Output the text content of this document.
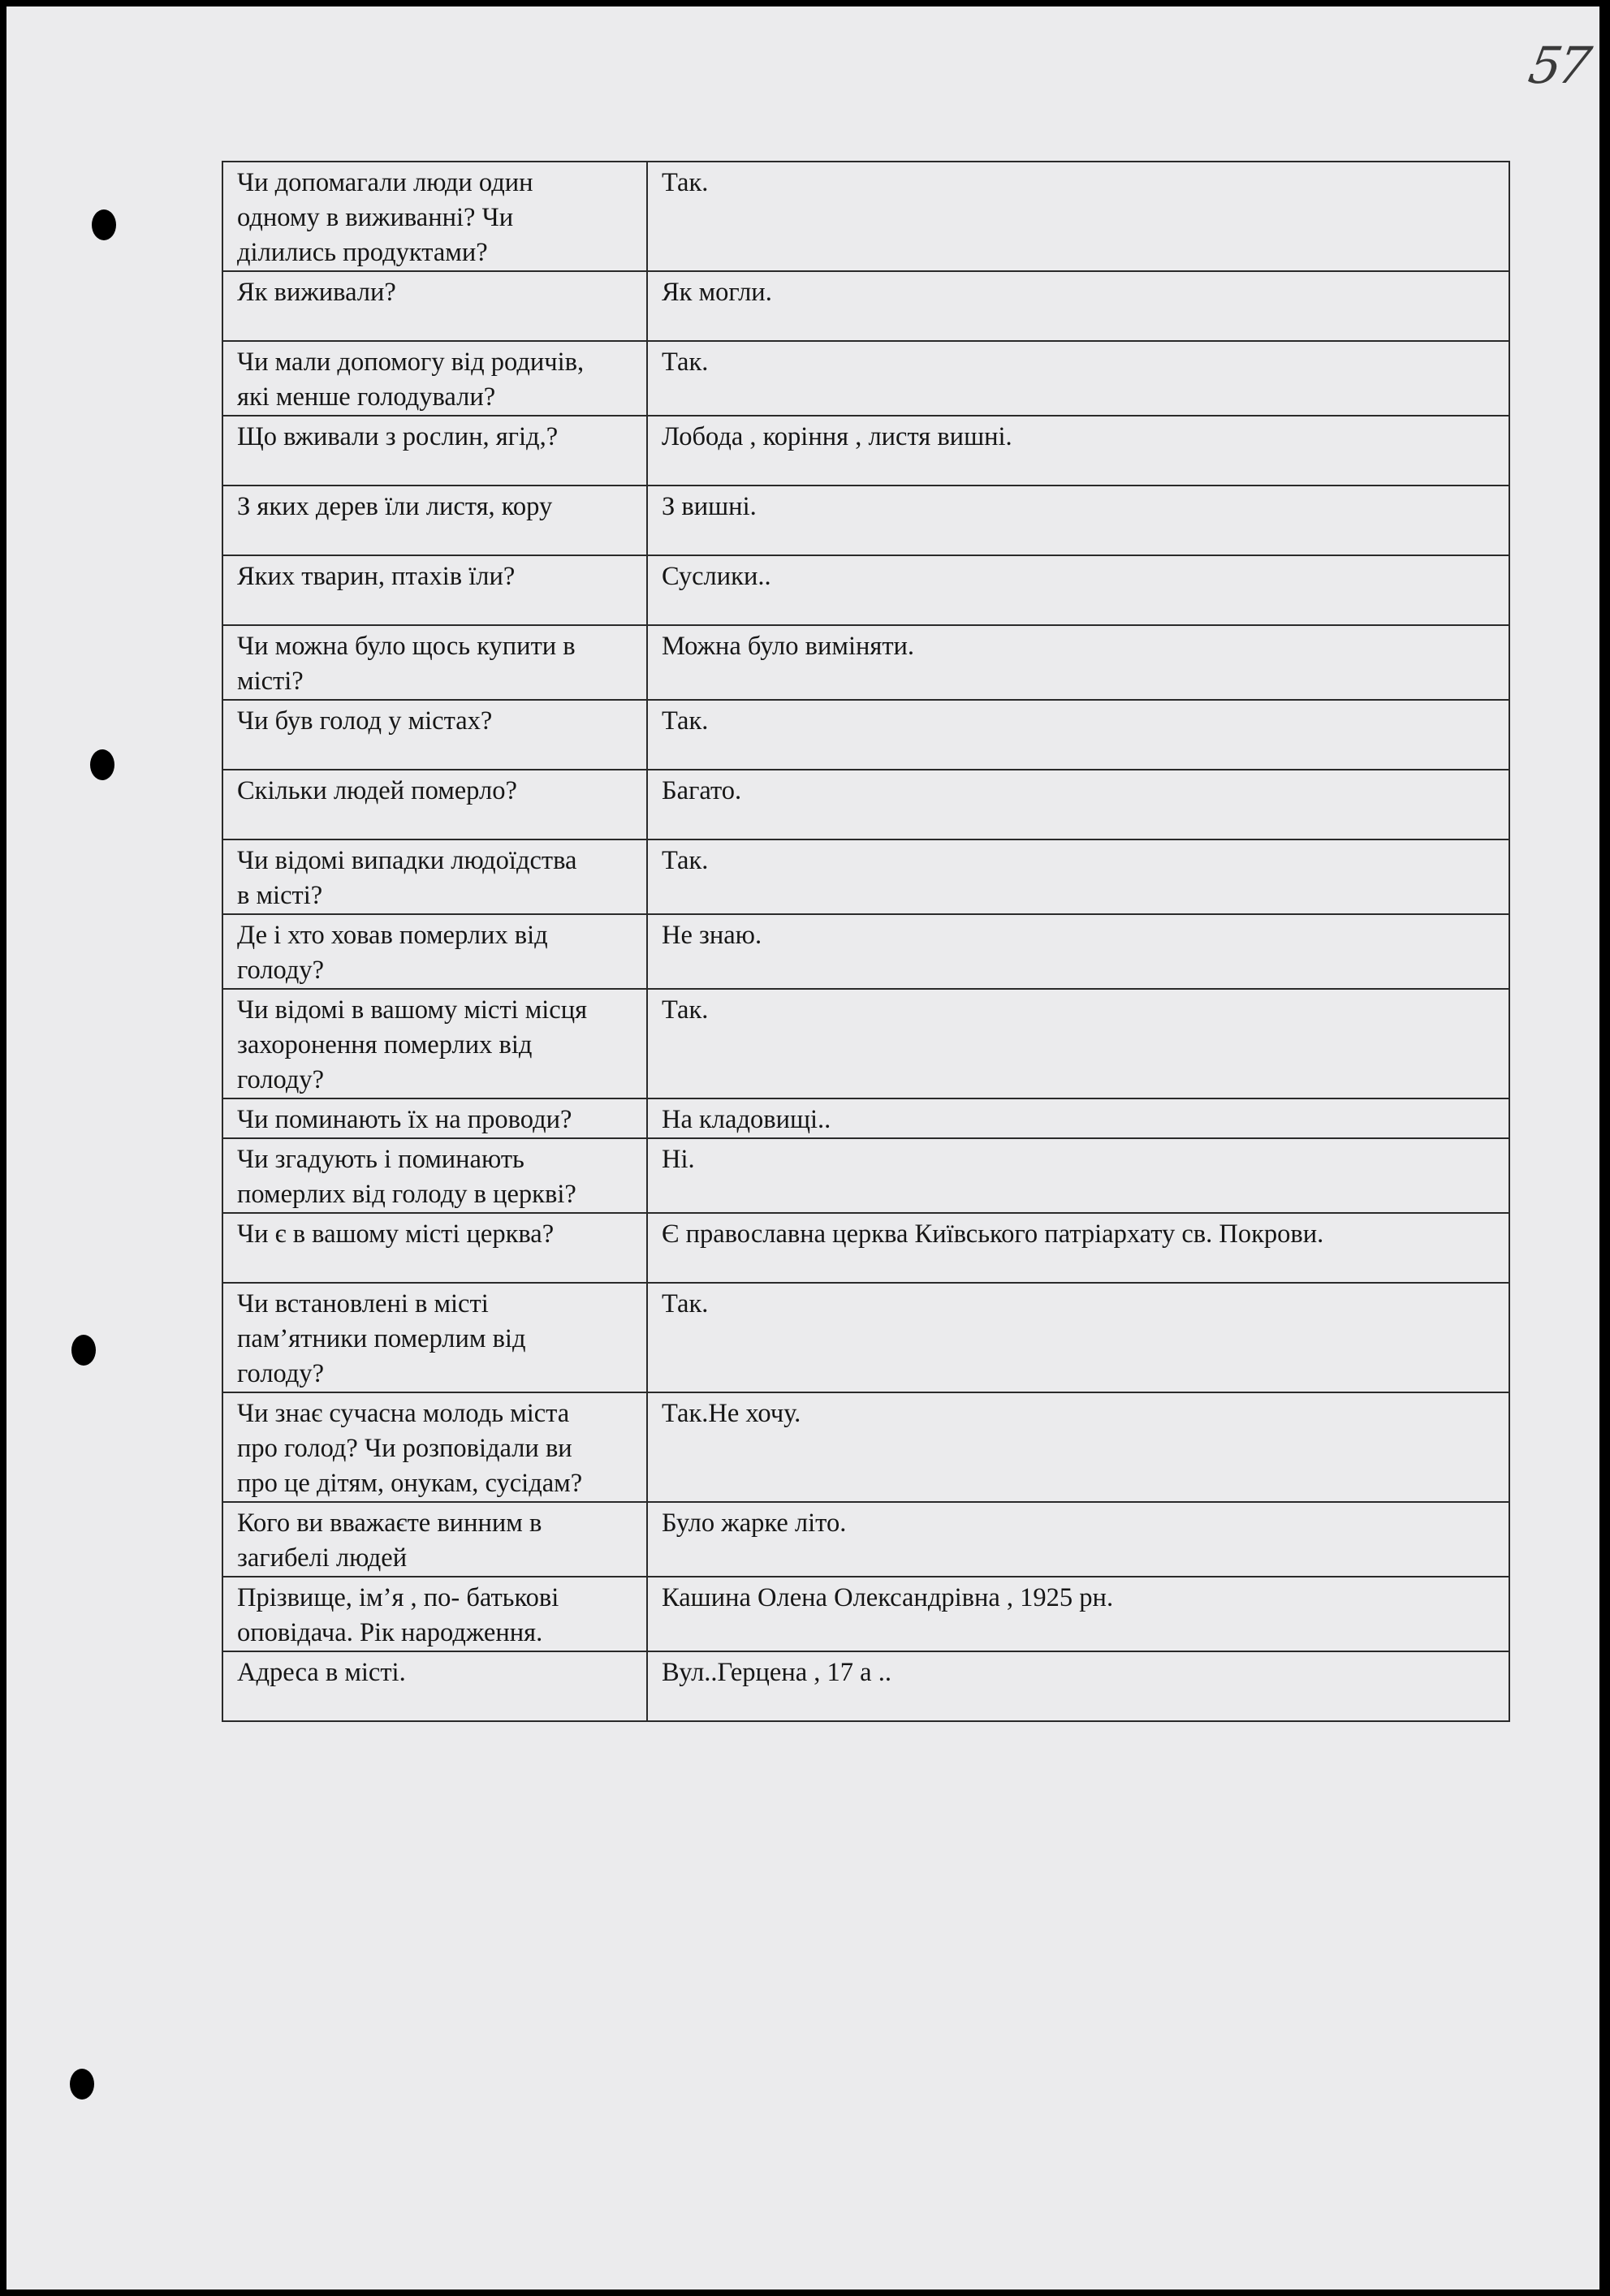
57
Чи допомагали люди один
одному в виживанні? Чи
ділились продуктами?	Так.
Як виживали?	Як могли.
Чи мали допомогу від родичів,
які менше голодували?	Так.
Що вживали з рослин, ягід,?	Лобода , коріння , листя вишні.
З яких дерев їли листя, кору	З вишні.
Яких тварин, птахів їли?	Суслики..
Чи можна було щось купити в
місті?	Можна було виміняти.
Чи був голод у містах?	Так.
Скільки людей померло?	Багато.
Чи відомі випадки людоїдства
в місті?	Так.
Де і хто ховав померлих від
голоду?	Не знаю.
Чи відомі в вашому місті місця
захоронення померлих від
голоду?	Так.
Чи поминають їх на проводи?	На кладовищі..
Чи згадують і поминають
померлих від голоду в церкві?	Ні.
Чи є в вашому місті церква?	Є православна церква Київського патріархату св. Покрови.
Чи встановлені в місті
пам’ятники померлим від
голоду?	Так.
Чи знає сучасна молодь міста
про голод? Чи розповідали ви
про це дітям, онукам, сусідам?	Так.Не хочу.
Кого ви вважаєте винним в
загибелі людей	Було жарке літо.
Прізвище, ім’я , по- батькові
оповідача. Рік народження.	Кашина Олена Олександрівна , 1925 рн.
Адреса в місті.	Вул..Герцена , 17 а ..
